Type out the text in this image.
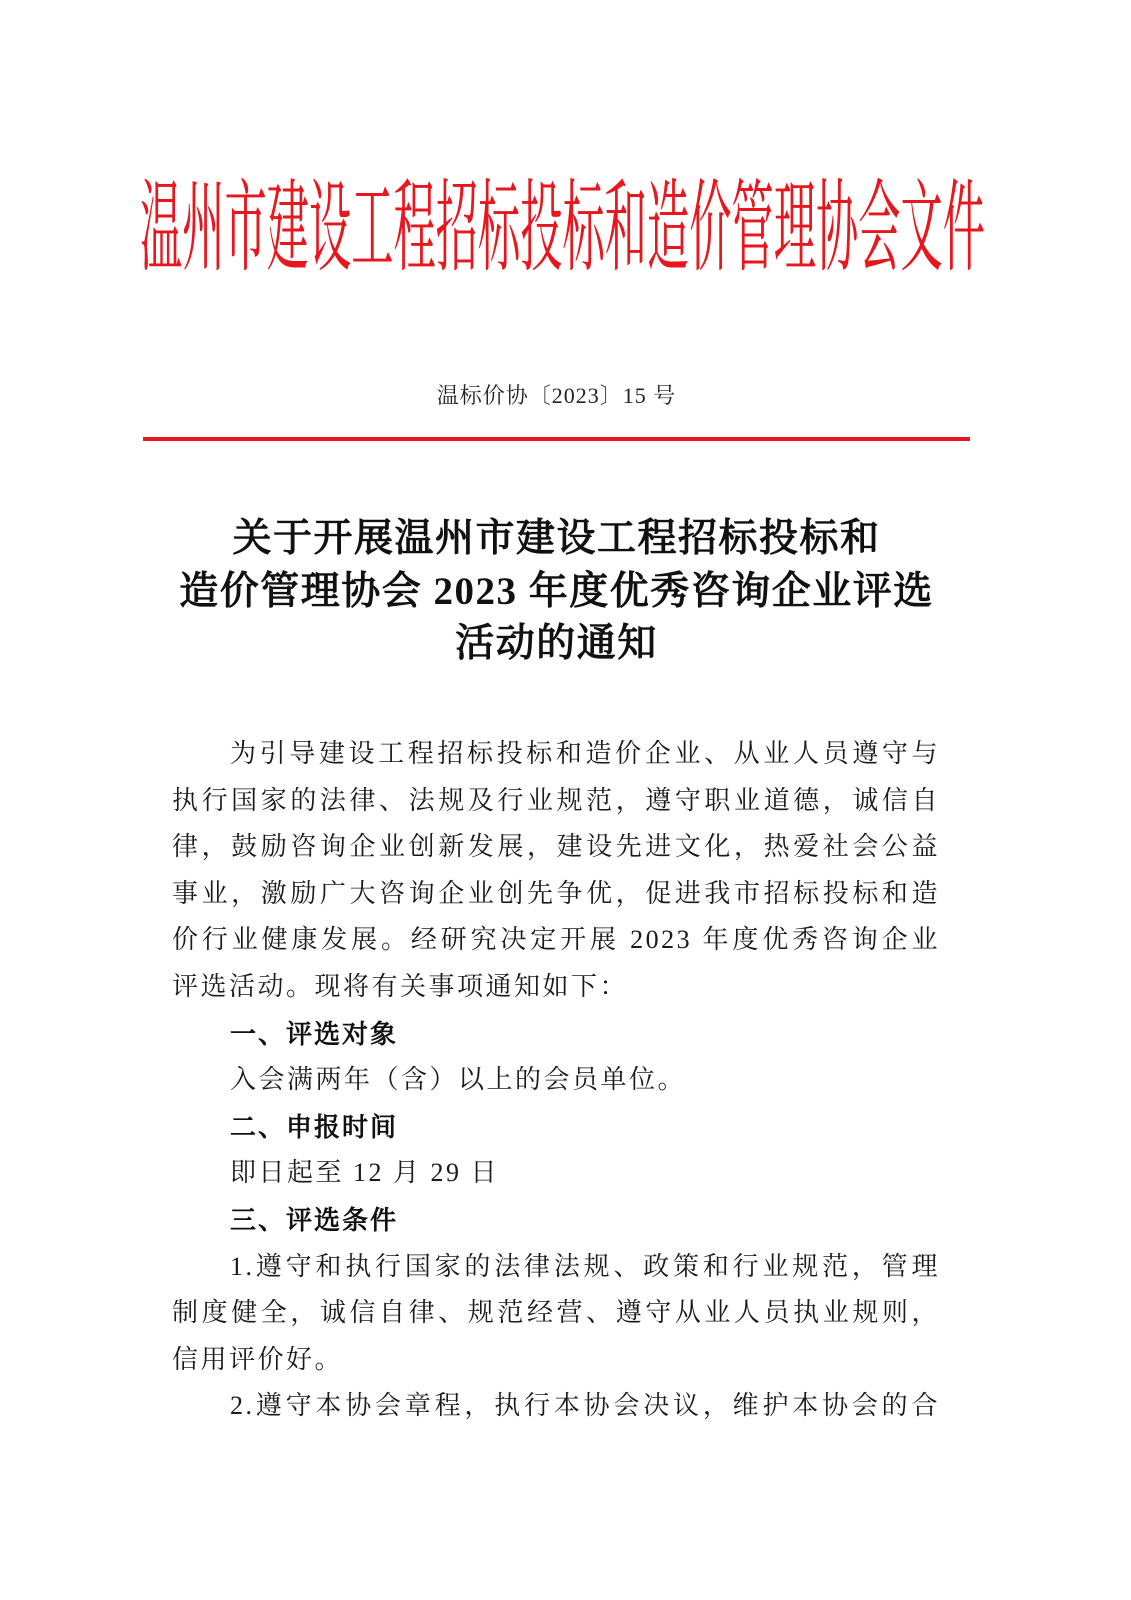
温州市建设工程招标投标和造价管理协会文件
温标价协〔2023〕15 号
关于开展温州市建设工程招标投标和
造价管理协会 2023 年度优秀咨询企业评选
活动的通知
为引导建设工程招标投标和造价企业、从业人员遵守与
执行国家的法律、法规及行业规范，遵守职业道德，诚信自
律，鼓励咨询企业创新发展，建设先进文化，热爱社会公益
事业，激励广大咨询企业创先争优，促进我市招标投标和造
价行业健康发展。经研究决定开展 2023 年度优秀咨询企业
评选活动。现将有关事项通知如下：
一、评选对象
入会满两年（含）以上的会员单位。
二、申报时间
即日起至 12 月 29 日
三、评选条件
1.遵守和执行国家的法律法规、政策和行业规范，管理
制度健全，诚信自律、规范经营、遵守从业人员执业规则，
信用评价好。
2.遵守本协会章程，执行本协会决议，维护本协会的合
